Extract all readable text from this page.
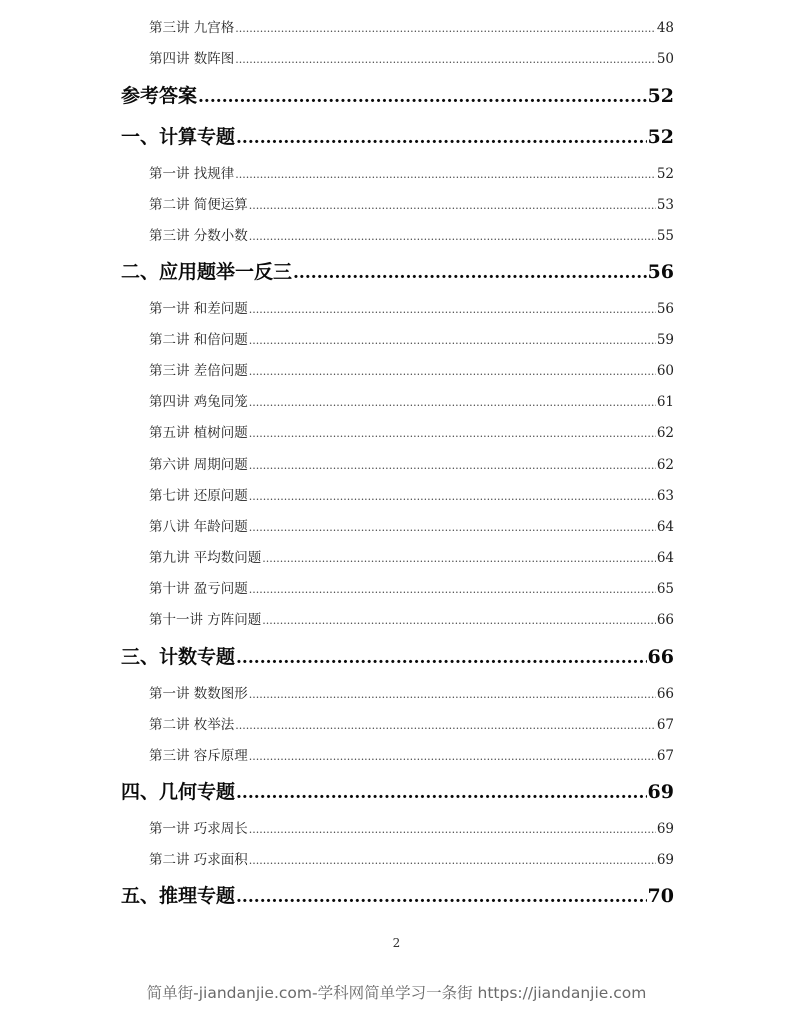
第三讲 九宫格 .....	48
第四讲 数阵图 .....	50
参考答案 .....	52
一、计算专题 .....	52
第一讲 找规律 .....	52
第二讲 简便运算 .....	53
第三讲 分数小数 .....	55
二、应用题举一反三 .....	56
第一讲 和差问题 .....	56
第二讲 和倍问题 .....	59
第三讲 差倍问题 .....	60
第四讲 鸡兔同笼 .....	61
第五讲 植树问题 .....	62
第六讲 周期问题 .....	62
第七讲 还原问题 .....	63
第八讲 年龄问题 .....	64
第九讲 平均数问题 .....	64
第十讲 盈亏问题 .....	65
第十一讲 方阵问题 .....	66
三、计数专题 .....	66
第一讲 数数图形 .....	66
第二讲 枚举法 .....	67
第三讲 容斥原理 .....	67
四、几何专题 .....	69
第一讲 巧求周长 .....	69
第二讲 巧求面积 .....	69
五、推理专题 .....	70
2
简单街-jiandanjie.com-学科网简单学习一条街 https://jiandanjie.com
